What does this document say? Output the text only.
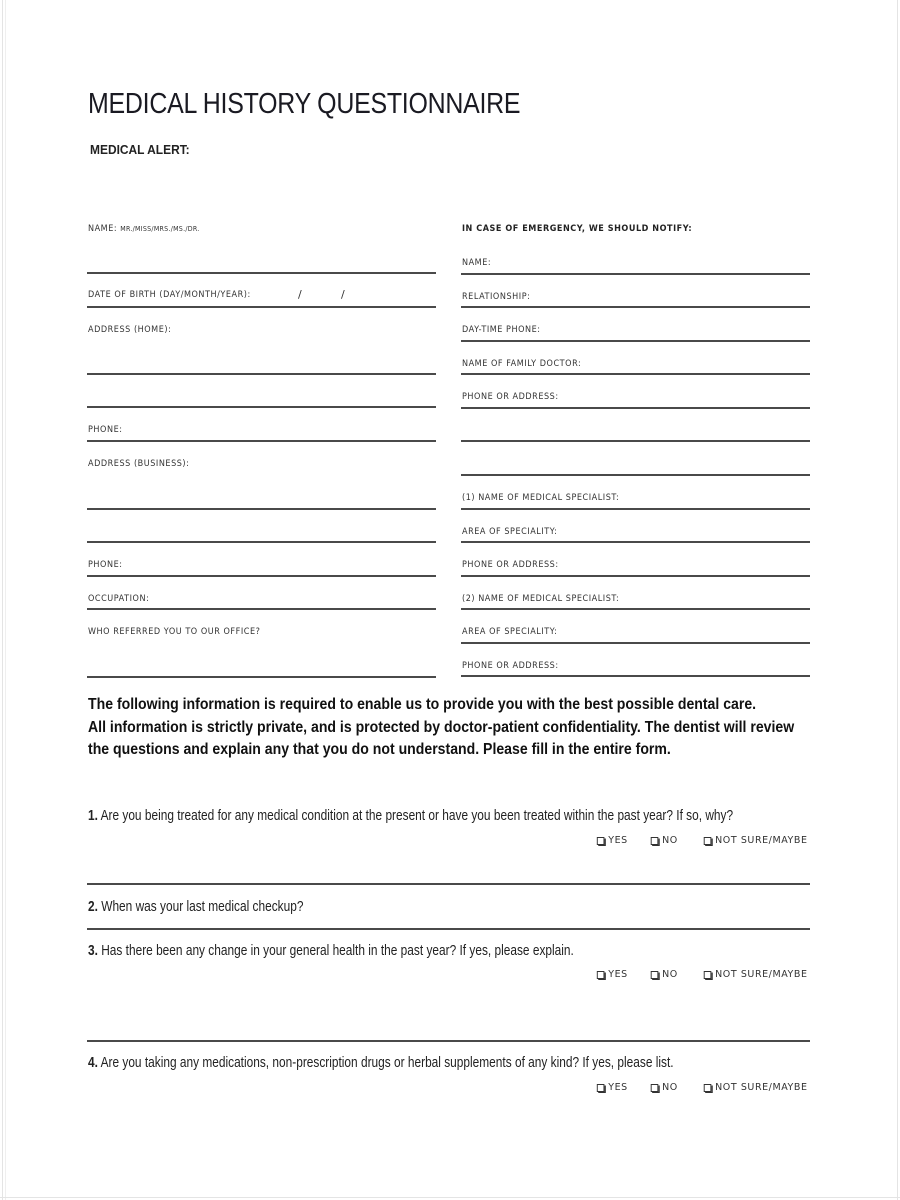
MEDICAL HISTORY QUESTIONNAIRE
MEDICAL ALERT:
NAME: MR./MISS/MRS./MS./DR.
DATE OF BIRTH (DAY/MONTH/YEAR):	/	/
ADDRESS (HOME):
PHONE:
ADDRESS (BUSINESS):
PHONE:
OCCUPATION:
WHO REFERRED YOU TO OUR OFFICE?
IN CASE OF EMERGENCY, WE SHOULD NOTIFY:
NAME:
RELATIONSHIP:
DAY-TIME PHONE:
NAME OF FAMILY DOCTOR:
PHONE OR ADDRESS:
(1) NAME OF MEDICAL SPECIALIST:
AREA OF SPECIALITY:
PHONE OR ADDRESS:
(2) NAME OF MEDICAL SPECIALIST:
AREA OF SPECIALITY:
PHONE OR ADDRESS:
The following information is required to enable us to provide you with the best possible dental care.
All information is strictly private, and is protected by doctor-patient confidentiality. The dentist will review
the questions and explain any that you do not understand. Please fill in the entire form.
1. Are you being treated for any medical condition at the present or have you been treated within the past year? If so, why?
YES	NO	NOT SURE/MAYBE
2. When was your last medical checkup?
3. Has there been any change in your general health in the past year? If yes, please explain.
YES	NO	NOT SURE/MAYBE
4. Are you taking any medications, non-prescription drugs or herbal supplements of any kind? If yes, please list.
YES	NO	NOT SURE/MAYBE
